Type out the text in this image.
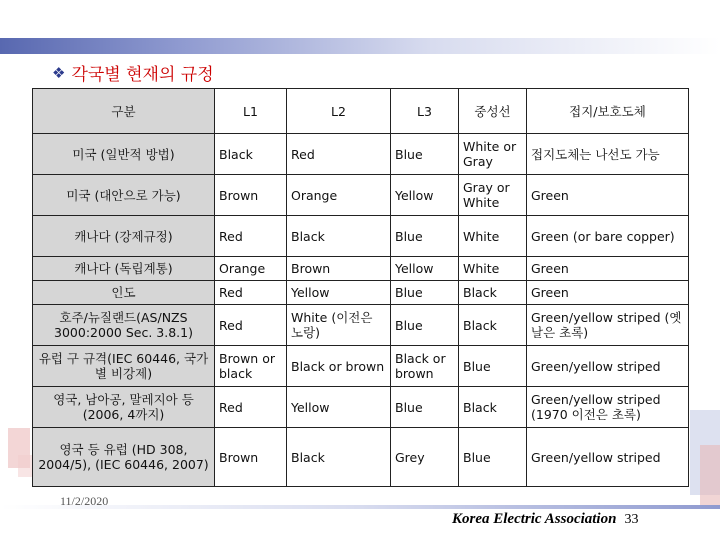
❖ 각국별 현재의 규정
구분	L1	L2	L3	중성선	접지/보호도체
미국 (일반적 방법)	Black	Red	Blue	White or Gray	접지도체는 나선도 가능
미국 (대안으로 가능)	Brown	Orange	Yellow	Gray or White	Green
캐나다 (강제규정)	Red	Black	Blue	White	Green (or bare copper)
캐나다 (독립계통)	Orange	Brown	Yellow	White	Green
인도	Red	Yellow	Blue	Black	Green
호주/뉴질랜드(AS/NZS 3000:2000 Sec. 3.8.1)	Red	White (이전은 노랑)	Blue	Black	Green/yellow striped (옛날은 초록)
유럽 구 규격(IEC 60446, 국가별 비강제)	Brown or black	Black or brown	Black or brown	Blue	Green/yellow striped
영국, 남아공, 말레지아 등 (2006, 4까지)	Red	Yellow	Blue	Black	Green/yellow striped (1970 이전은 초록)
영국 등 유럽 (HD 308, 2004/5), (IEC 60446, 2007)	Brown	Black	Grey	Blue	Green/yellow striped
11/2/2020
Korea Electric Association 33
